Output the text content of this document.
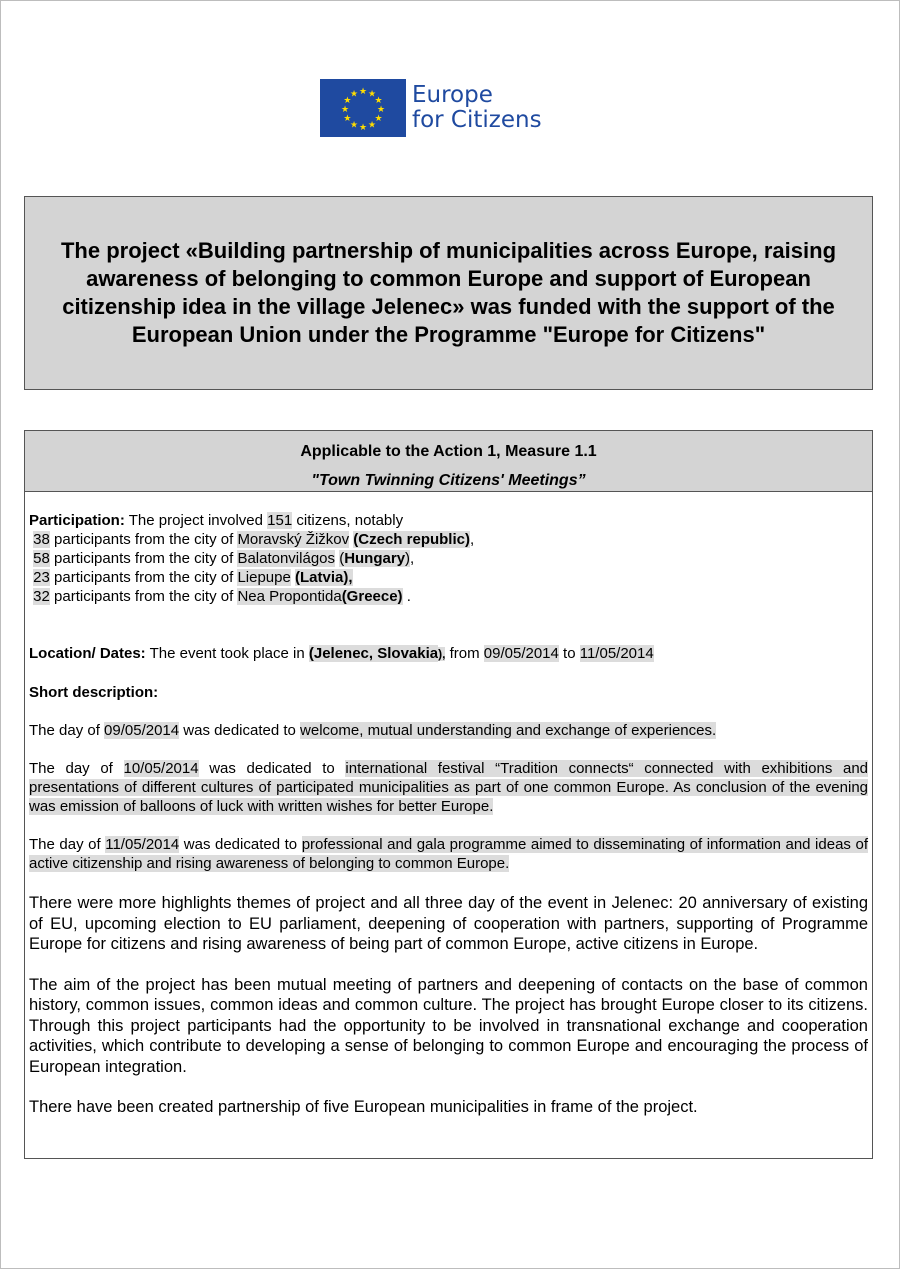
★ ★
★
★
★
★
★
★
★
★
★
★ Europe
for Citizens

The project «Building partnership of municipalities across Europe, raising awareness of belonging to common Europe and support of European citizenship idea in the village Jelenec» was funded with the support of the European Union under the Programme "Europe for Citizens"

Applicable to the Action 1, Measure 1.1
"Town Twinning Citizens' Meetings”
Participation: The project involved 151 citizens, notably
38 participants from the city of Moravský Žižkov (Czech republic),
58 participants from the city of Balatonvilágos (Hungary),
23 participants from the city of Liepupe (Latvia),
32 participants from the city of Nea Propontida(Greece) .
Location/ Dates: The event took place in (Jelenec, Slovakia), from 09/05/2014 to 11/05/2014
Short description:

The day of 09/05/2014 was dedicated to welcome, mutual understanding and exchange of experiences.

The day of 10/05/2014 was dedicated to international festival “Tradition connects“ connected with exhibitions and presentations of different cultures of participated municipalities as part of one common Europe. As conclusion of the evening was emission of balloons of luck with written wishes for better Europe.

The day of 11/05/2014 was dedicated to professional and gala programme aimed to disseminating of information and ideas of active citizenship and rising awareness of belonging to common Europe.

There were more highlights themes of project and all three day of the event in Jelenec: 20 anniversary of existing of EU, upcoming election to EU parliament, deepening of cooperation with partners, supporting of Programme Europe for citizens and rising awareness of being part of common Europe, active citizens in Europe.

The aim of the project has been mutual meeting of partners and deepening of contacts on the base of common history, common issues, common ideas and common culture. The project has brought Europe closer to its citizens. Through this project participants had the opportunity to be involved in transnational exchange and cooperation activities, which contribute to developing a sense of belonging to common Europe and encouraging the process of European integration.

There have been created partnership of five European municipalities in frame of the project.
